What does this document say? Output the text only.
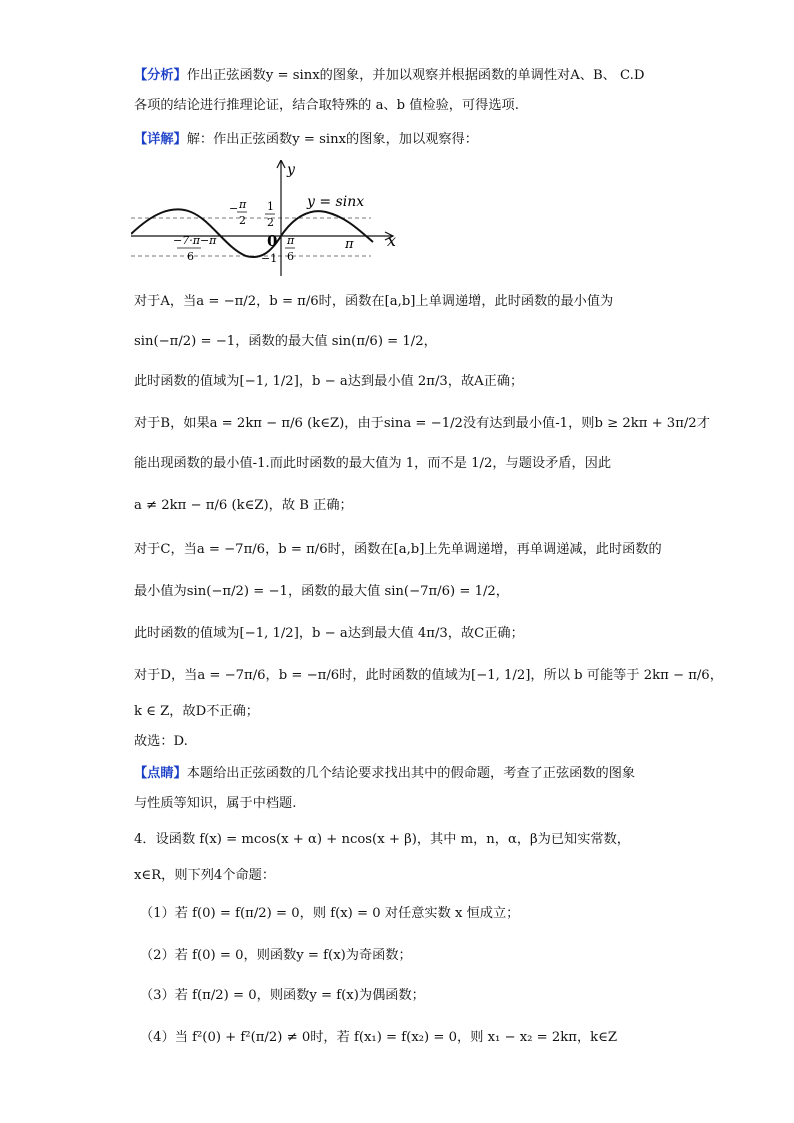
【分析】作出正弦函数y = sinx的图象，并加以观察并根据函数的单调性对A、B、 C.D
各项的结论进行推理论证，结合取特殊的 a、b 值检验，可得选项.
【详解】解：作出正弦函数y = sinx的图象，加以观察得：
y
x
y = sinx
0
1
2
−1
− π
2
−7·π−π
6
π
6
π
对于A，当a = −π/2，b = π/6时，函数在[a,b]上单调递增，此时函数的最小值为
sin(−π/2) = −1，函数的最大值 sin(π/6) = 1/2，
此时函数的值域为[−1, 1/2]，b − a达到最小值 2π/3，故A正确；
对于B，如果a = 2kπ − π/6 (k∈Z)，由于sina = −1/2没有达到最小值-1，则b ≥ 2kπ + 3π/2才
能出现函数的最小值-1.而此时函数的最大值为 1，而不是 1/2，与题设矛盾，因此
a ≠ 2kπ − π/6 (k∈Z)，故 B 正确；
对于C，当a = −7π/6，b = π/6时，函数在[a,b]上先单调递增，再单调递减，此时函数的
最小值为sin(−π/2) = −1，函数的最大值 sin(−7π/6) = 1/2，
此时函数的值域为[−1, 1/2]，b − a达到最大值 4π/3，故C正确；
对于D，当a = −7π/6，b = −π/6时，此时函数的值域为[−1, 1/2]，所以 b 可能等于 2kπ − π/6，
k ∈ Z，故D不正确；
故选：D.
【点睛】本题给出正弦函数的几个结论要求找出其中的假命题，考查了正弦函数的图象
与性质等知识，属于中档题.
4．设函数 f(x) = mcos(x + α) + ncos(x + β)，其中 m，n，α，β为已知实常数，
x∈R，则下列4个命题：
（1）若 f(0) = f(π/2) = 0，则 f(x) = 0 对任意实数 x 恒成立；
（2）若 f(0) = 0，则函数y = f(x)为奇函数；
（3）若 f(π/2) = 0，则函数y = f(x)为偶函数；
（4）当 f²(0) + f²(π/2) ≠ 0时，若 f(x₁) = f(x₂) = 0，则 x₁ − x₂ = 2kπ，k∈Z
